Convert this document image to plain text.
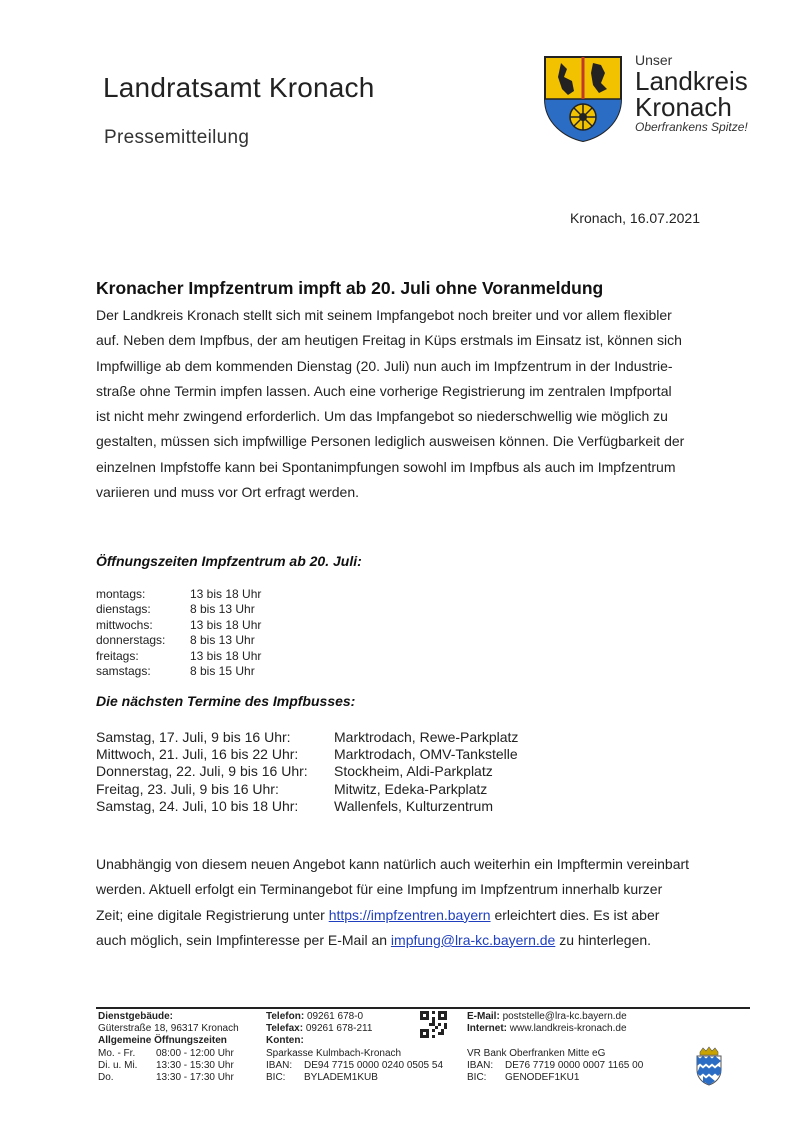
Landratsamt Kronach
Pressemitteilung
Unser
Landkreis
Kronach
Oberfrankens Spitze!
Kronach, 16.07.2021
Kronacher Impfzentrum impft ab 20. Juli ohne Voranmeldung
Der Landkreis Kronach stellt sich mit seinem Impfangebot noch breiter und vor allem flexibler
auf. Neben dem Impfbus, der am heutigen Freitag in Küps erstmals im Einsatz ist, können sich
Impfwillige ab dem kommenden Dienstag (20. Juli) nun auch im Impfzentrum in der Industrie-
straße ohne Termin impfen lassen. Auch eine vorherige Registrierung im zentralen Impfportal
ist nicht mehr zwingend erforderlich. Um das Impfangebot so niederschwellig wie möglich zu
gestalten, müssen sich impfwillige Personen lediglich ausweisen können. Die Verfügbarkeit der
einzelnen Impfstoffe kann bei Spontanimpfungen sowohl im Impfbus als auch im Impfzentrum
variieren und muss vor Ort erfragt werden.
Öffnungszeiten Impfzentrum ab 20. Juli:
montags:	13 bis 18 Uhr
dienstags:	8 bis 13 Uhr
mittwochs:	13 bis 18 Uhr
donnerstags:	8 bis 13 Uhr
freitags:	13 bis 18 Uhr
samstags:	8 bis 15 Uhr
Die nächsten Termine des Impfbusses:
Samstag, 17. Juli, 9 bis 16 Uhr:	Marktrodach, Rewe-Parkplatz
Mittwoch, 21. Juli, 16 bis 22 Uhr:	Marktrodach, OMV-Tankstelle
Donnerstag, 22. Juli, 9 bis 16 Uhr:	Stockheim, Aldi-Parkplatz
Freitag, 23. Juli, 9 bis 16 Uhr:	Mitwitz, Edeka-Parkplatz
Samstag, 24. Juli, 10 bis 18 Uhr:	Wallenfels, Kulturzentrum
Unabhängig von diesem neuen Angebot kann natürlich auch weiterhin ein Impftermin vereinbart
werden. Aktuell erfolgt ein Terminangebot für eine Impfung im Impfzentrum innerhalb kurzer
Zeit; eine digitale Registrierung unter https://impfzentren.bayern erleichtert dies. Es ist aber
auch möglich, sein Impfinteresse per E-Mail an impfung@lra-kc.bayern.de zu hinterlegen.
Dienstgebäude:
Güterstraße 18, 96317 Kronach
Allgemeine Öffnungszeiten
Mo. - Fr.	08:00 - 12:00 Uhr
Di. u. Mi.	13:30 - 15:30 Uhr
Do.	13:30 - 17:30 Uhr
Telefon: 09261 678-0
Telefax: 09261 678-211
Konten:
Sparkasse Kulmbach-Kronach
IBAN:	DE94 7715 0000 0240 0505 54
BIC:	BYLADEM1KUB
E-Mail: poststelle@lra-kc.bayern.de
Internet: www.landkreis-kronach.de

VR Bank Oberfranken Mitte eG
IBAN:	DE76 7719 0000 0007 1165 00
BIC:	GENODEF1KU1
